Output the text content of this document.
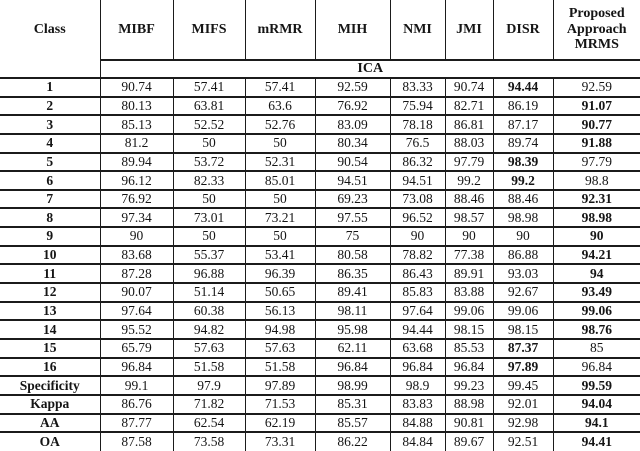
Class	MIBF	MIFS	mRMR	MIH	NMI	JMI	DISR	Proposed Approach MRMS
	ICA							
1	90.74	57.41	57.41	92.59	83.33	90.74	94.44	92.59
2	80.13	63.81	63.6	76.92	75.94	82.71	86.19	91.07
3	85.13	52.52	52.76	83.09	78.18	86.81	87.17	90.77
4	81.2	50	50	80.34	76.5	88.03	89.74	91.88
5	89.94	53.72	52.31	90.54	86.32	97.79	98.39	97.79
6	96.12	82.33	85.01	94.51	94.51	99.2	99.2	98.8
7	76.92	50	50	69.23	73.08	88.46	88.46	92.31
8	97.34	73.01	73.21	97.55	96.52	98.57	98.98	98.98
9	90	50	50	75	90	90	90	90
10	83.68	55.37	53.41	80.58	78.82	77.38	86.88	94.21
11	87.28	96.88	96.39	86.35	86.43	89.91	93.03	94
12	90.07	51.14	50.65	89.41	85.83	83.88	92.67	93.49
13	97.64	60.38	56.13	98.11	97.64	99.06	99.06	99.06
14	95.52	94.82	94.98	95.98	94.44	98.15	98.15	98.76
15	65.79	57.63	57.63	62.11	63.68	85.53	87.37	85
16	96.84	51.58	51.58	96.84	96.84	96.84	97.89	96.84
Specificity	99.1	97.9	97.89	98.99	98.9	99.23	99.45	99.59
Kappa	86.76	71.82	71.53	85.31	83.83	88.98	92.01	94.04
AA	87.77	62.54	62.19	85.57	84.88	90.81	92.98	94.1
OA	87.58	73.58	73.31	86.22	84.84	89.67	92.51	94.41
